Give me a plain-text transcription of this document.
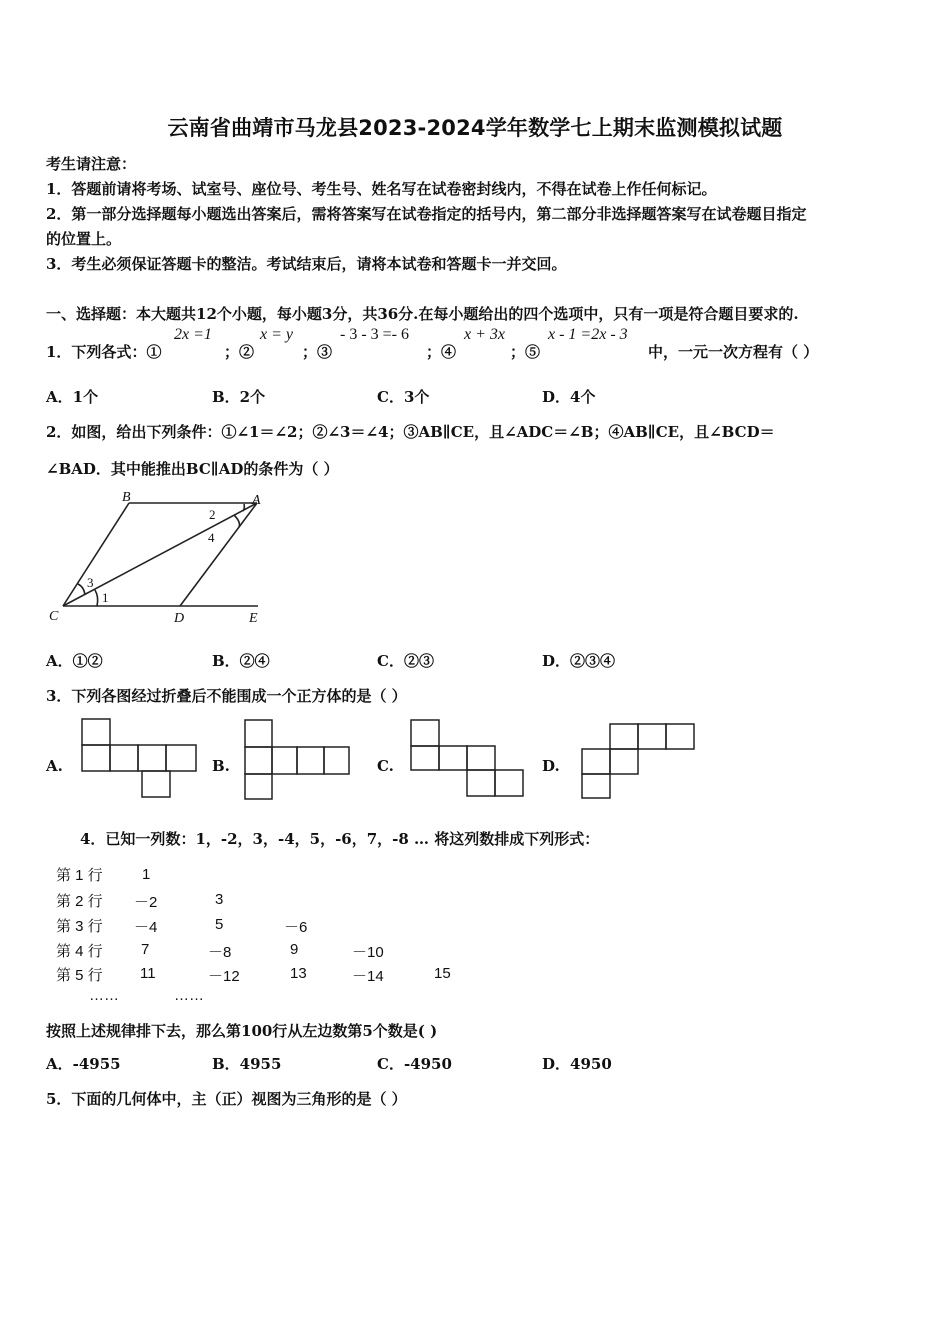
云南省曲靖市马龙县2023-2024学年数学七上期末监测模拟试题
考生请注意：
1．答题前请将考场、试室号、座位号、考生号、姓名写在试卷密封线内，不得在试卷上作任何标记。
2．第一部分选择题每小题选出答案后，需将答案写在试卷指定的括号内，第二部分非选择题答案写在试卷题目指定
的位置上。
3．考生必须保证答题卡的整洁。考试结束后，请将本试卷和答题卡一并交回。
一、选择题：本大题共12个小题，每小题3分，共36分.在每小题给出的四个选项中，只有一项是符合题目要求的.
1．下列各式：①
2x =1
；②
x = y
；③
- 3 - 3 =- 6
；④
x + 3x
；⑤
x - 1 =2x - 3
中，一元一次方程有（ ）
A．1个	B．2个	C．3个	D．4个
2．如图，给出下列条件：①∠1＝∠2；②∠3＝∠4；③AB∥CE，且∠ADC＝∠B；④AB∥CE，且∠BCD＝
∠BAD．其中能推出BC∥AD的条件为（ ）
B	A
C	D	E
2
4
3
1
A．①②	B．②④	C．②③	D．②③④
3．下列各图经过折叠后不能围成一个正方体的是（ ）
A.	B.	C.	D.
4．已知一列数：1，-2，3，-4，5，-6，7，-8 … 将这列数排成下列形式：
第 1 行	1
第 2 行 －2	3
第 3 行 －4	5	－6
第 4 行	7	－8	9	－10
第 5 行 11	－12	13	－14	15
……	……
按照上述规律排下去，那么第100行从左边数第5个数是( )
A．-4955	B．4955	C．-4950	D．4950
5．下面的几何体中，主（正）视图为三角形的是（ ）
